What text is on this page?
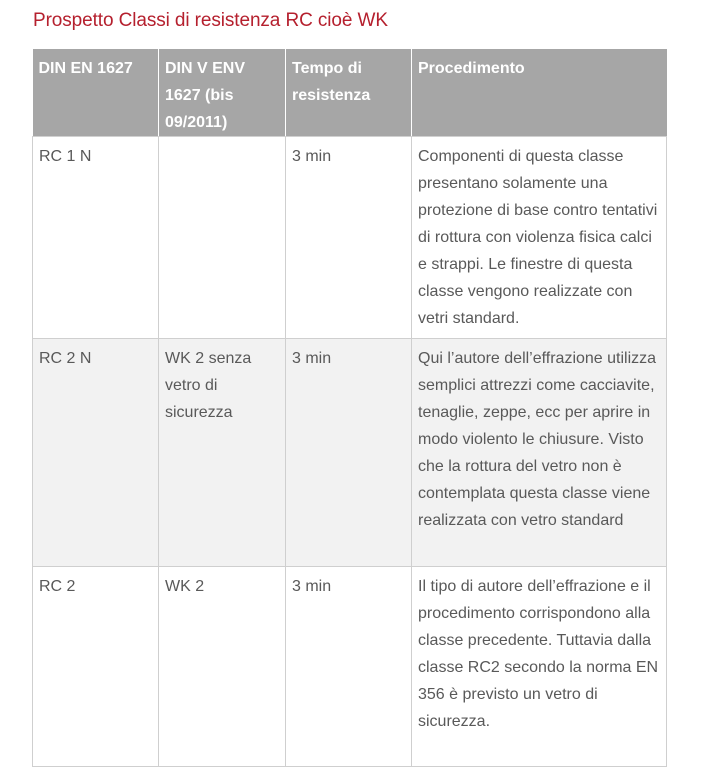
Prospetto Classi di resistenza RC cioè WK
DIN EN 1627	DIN V ENV 1627 (bis 09/2011)	Tempo di resistenza	Procedimento
RC 1 N		3 min	Componenti di questa classe presentano solamente una protezione di base contro tentativi di rottura con violenza fisica calci e strappi. Le finestre di questa classe vengono realizzate con vetri standard.
RC 2 N	WK 2 senza vetro di sicurezza	3 min	Qui l’autore dell’effrazione utilizza semplici attrezzi come cacciavite, tenaglie, zeppe, ecc per aprire in modo violento le chiusure. Visto che la rottura del vetro non è contemplata questa classe viene realizzata con vetro standard
RC 2	WK 2	3 min	Il tipo di autore dell’effrazione e il procedimento corrispondono alla classe precedente. Tuttavia dalla classe RC2 secondo la norma EN 356 è previsto un vetro di sicurezza.
